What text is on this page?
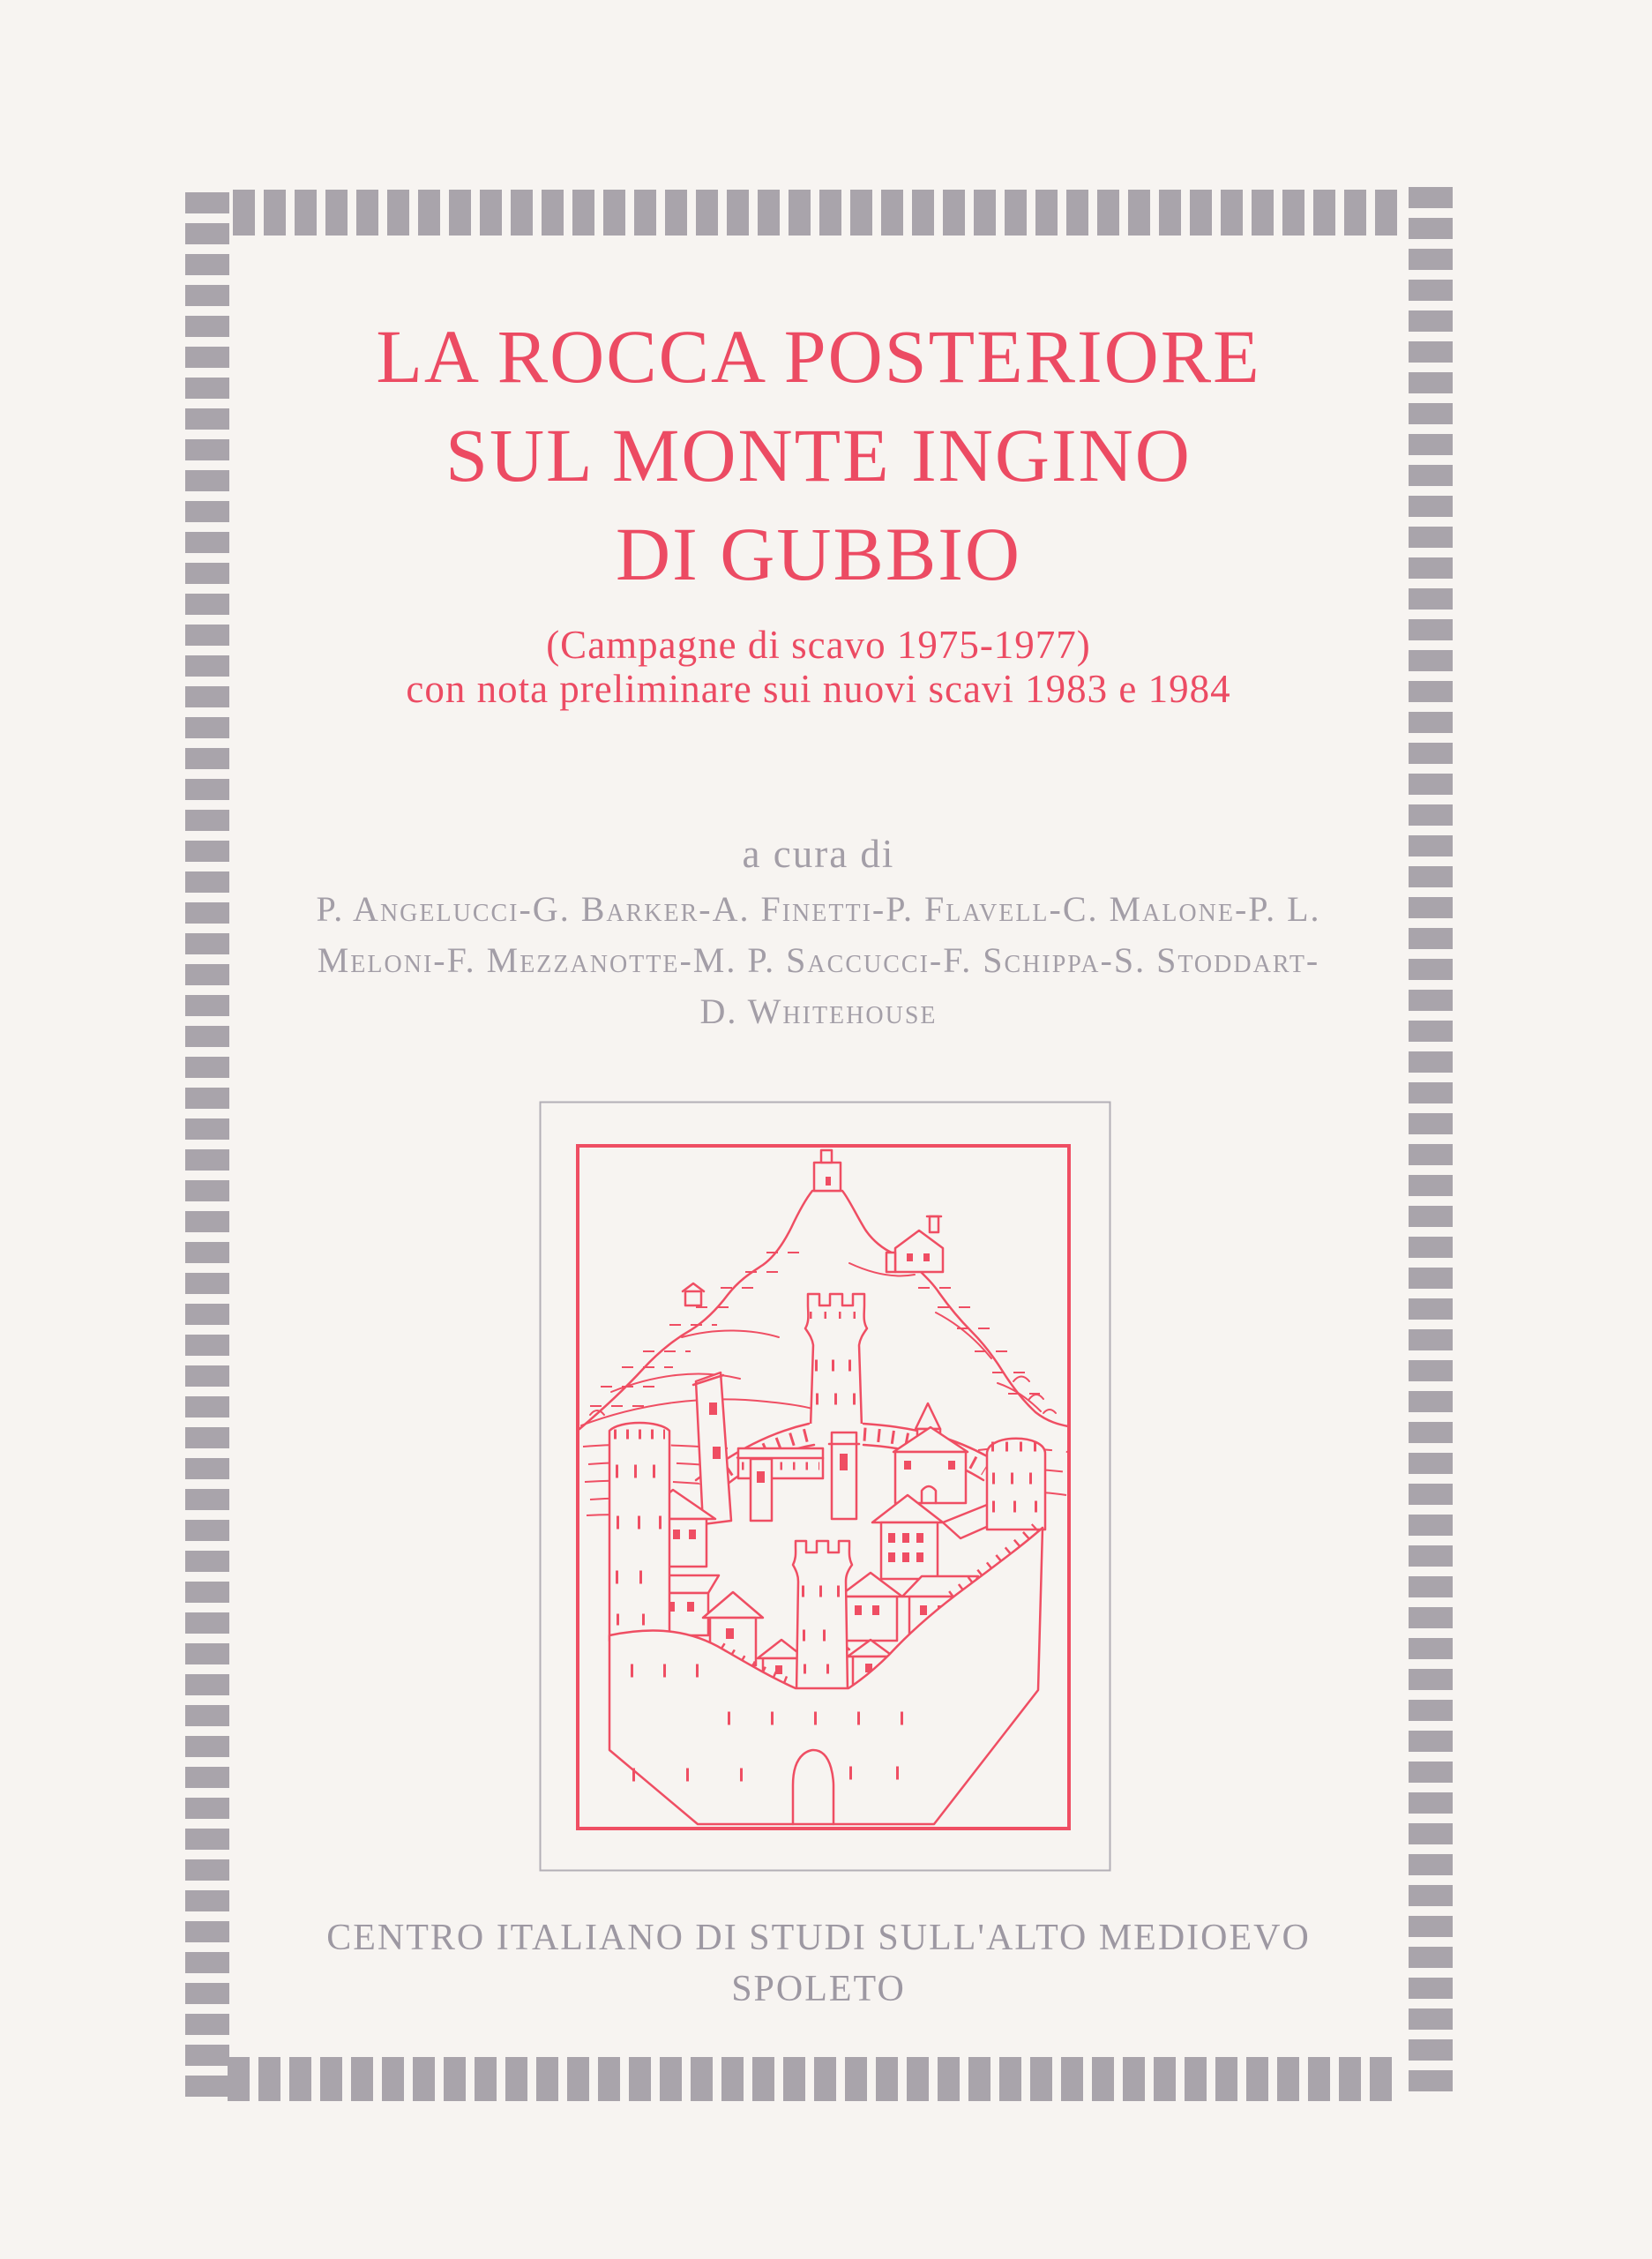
LA ROCCA POSTERIORE
SUL MONTE INGINO
DI GUBBIO
(Campagne di scavo 1975-1977)
con nota preliminare sui nuovi scavi 1983 e 1984
a cura di
P. Angelucci-G. Barker-A. Finetti-P. Flavell-C. Malone-P. L.
Meloni-F. Mezzanotte-M. P. Saccucci-F. Schippa-S. Stoddart-
D. Whitehouse
CENTRO ITALIANO DI STUDI SULL'ALTO MEDIOEVO
SPOLETO
